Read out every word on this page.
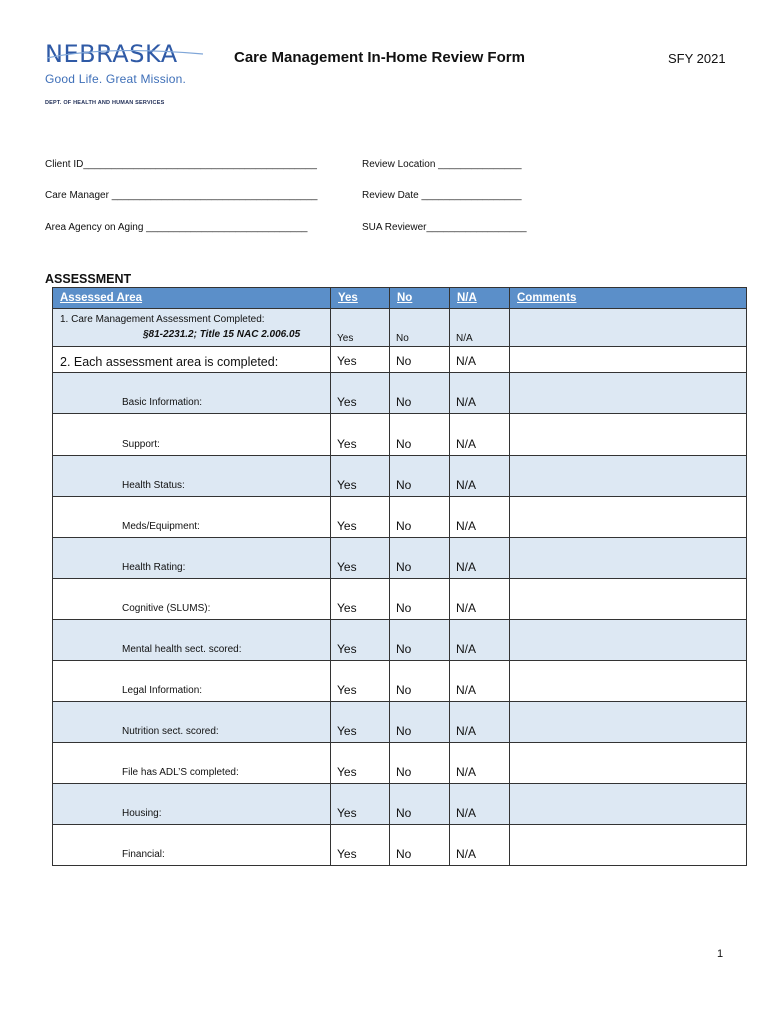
NEBRASKA
Good Life. Great Mission.
DEPT. OF HEALTH AND HUMAN SERVICES
Care Management In-Home Review Form	SFY 2021
Client ID__________________________________________	Review Location _______________
Care Manager _____________________________________	Review Date __________________
Area Agency on Aging _____________________________	SUA Reviewer__________________
ASSESSMENT
Assessed Area	Yes	No	N/A	Comments

1. Care Management Assessment Completed:
§81-2231.2; Title 15 NAC 2.006.05	Yes	No	N/A	

2. Each assessment area is completed:	Yes	No	N/A	

Basic Information:	Yes	No	N/A	

Support:	Yes	No	N/A	

Health Status:	Yes	No	N/A	

Meds/Equipment:	Yes	No	N/A	

Health Rating:	Yes	No	N/A	

Cognitive (SLUMS):	Yes	No	N/A	

Mental health sect. scored:	Yes	No	N/A	

Legal Information:	Yes	No	N/A	

Nutrition sect. scored:	Yes	No	N/A	

File has ADL’S completed:	Yes	No	N/A	

Housing:	Yes	No	N/A	

Financial:	Yes	No	N/A	

1
